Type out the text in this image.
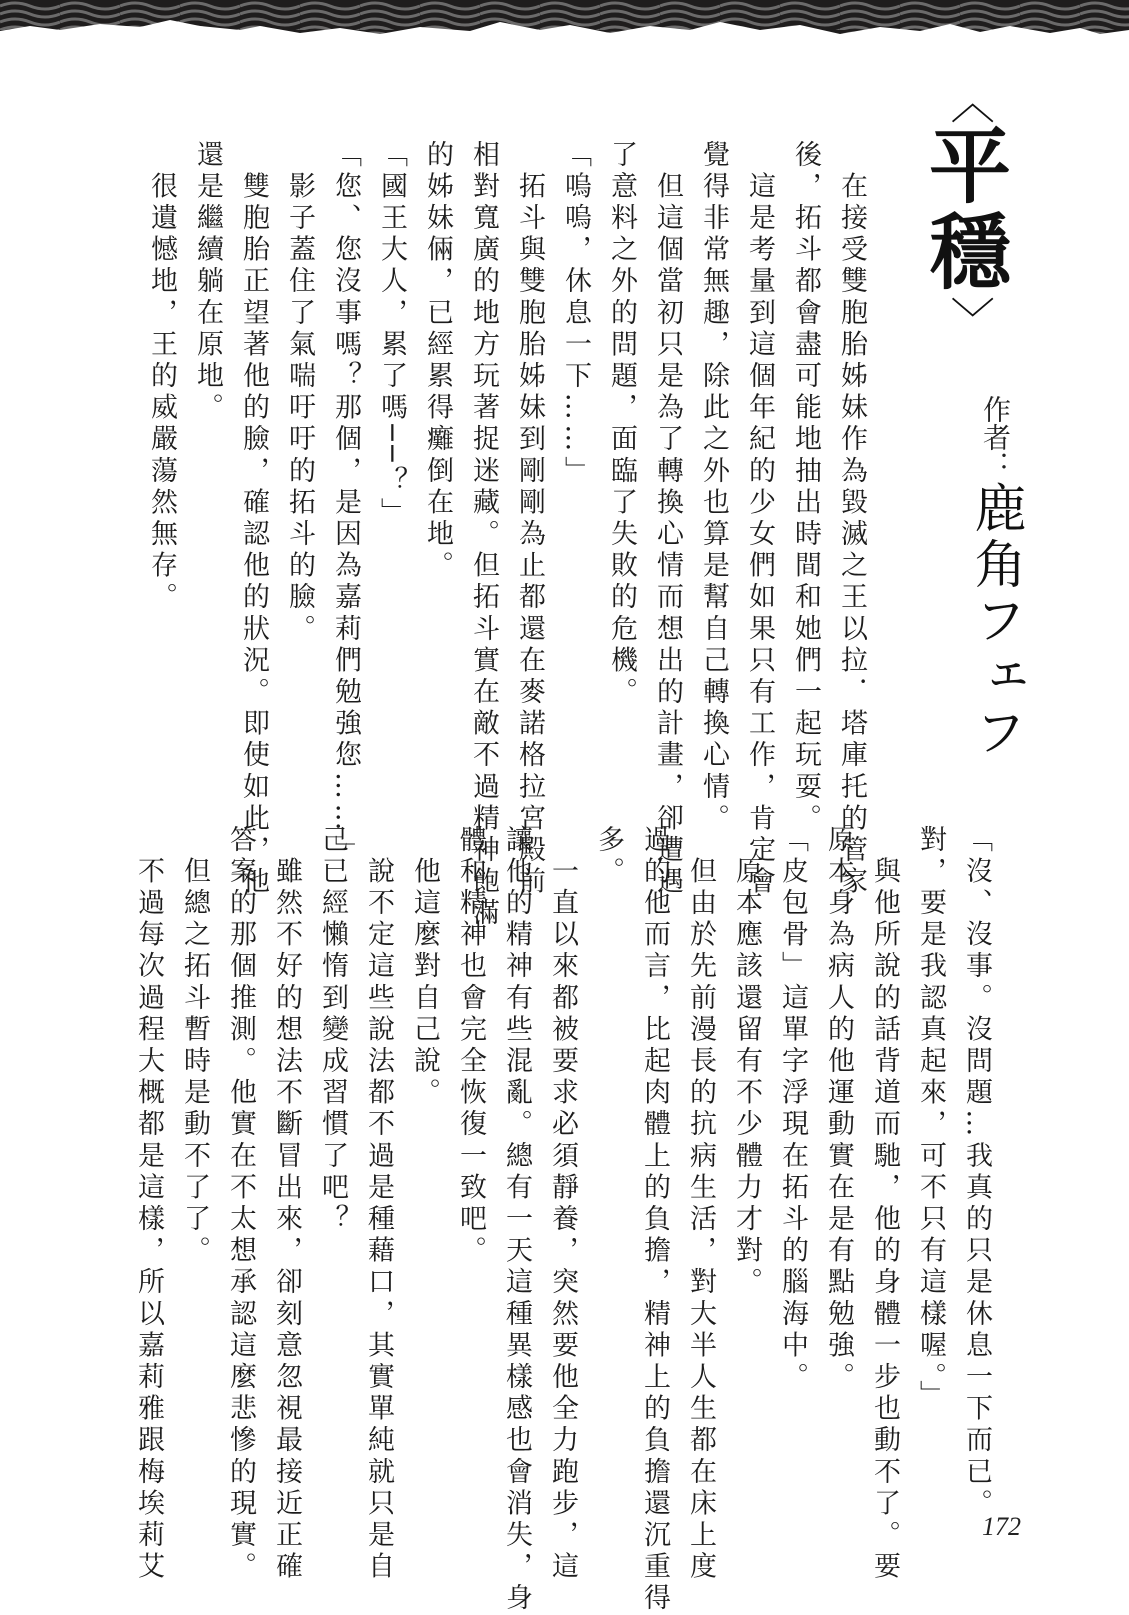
〈
平
穩
〉
作者：
鹿角フェフ
　在接受雙胞胎姊妹作為毀滅之王以拉．塔庫托的管家
後，拓斗都會盡可能地抽出時間和她們一起玩耍。
　這是考量到這個年紀的少女們如果只有工作，肯定會
覺得非常無趣，除此之外也算是幫自己轉換心情。
　但這個當初只是為了轉換心情而想出的計畫，卻遭遇
了意料之外的問題，面臨了失敗的危機。
「嗚嗚，休息一下……」
　拓斗與雙胞胎姊妹到剛剛為止都還在麥諾格拉宮殿前
相對寬廣的地方玩著捉迷藏。但拓斗實在敵不過精神飽滿
的姊妹倆，已經累得癱倒在地。
「國王大人，累了嗎──？」
「您、您沒事嗎？那個，是因為嘉莉們勉強您……」
　影子蓋住了氣喘吁吁的拓斗的臉。
　雙胞胎正望著他的臉，確認他的狀況。即使如此，他
還是繼續躺在原地。
　很遺憾地，王的威嚴蕩然無存。
「沒、沒事。沒問題…我真的只是休息一下而已。
對，要是我認真起來，可不只有這樣喔。」
　與他所說的話背道而馳，他的身體一步也動不了。要
原本身為病人的他運動實在是有點勉強。
「皮包骨」這單字浮現在拓斗的腦海中。
　原本應該還留有不少體力才對。
　但由於先前漫長的抗病生活，對大半人生都在床上度
過的他而言，比起肉體上的負擔，精神上的負擔還沉重得
多。
　一直以來都被要求必須靜養，突然要他全力跑步，這
讓他的精神有些混亂。總有一天這種異樣感也會消失，身
體和精神也會完全恢復一致吧。
　他這麼對自己說。
　說不定這些說法都不過是種藉口，其實單純就只是自
己已經懶惰到變成習慣了吧？
　雖然不好的想法不斷冒出來，卻刻意忽視最接近正確
答案的那個推測。他實在不太想承認這麼悲慘的現實。
　但總之拓斗暫時是動不了了。
　不過每次過程大概都是這樣，所以嘉莉雅跟梅埃莉艾	172
